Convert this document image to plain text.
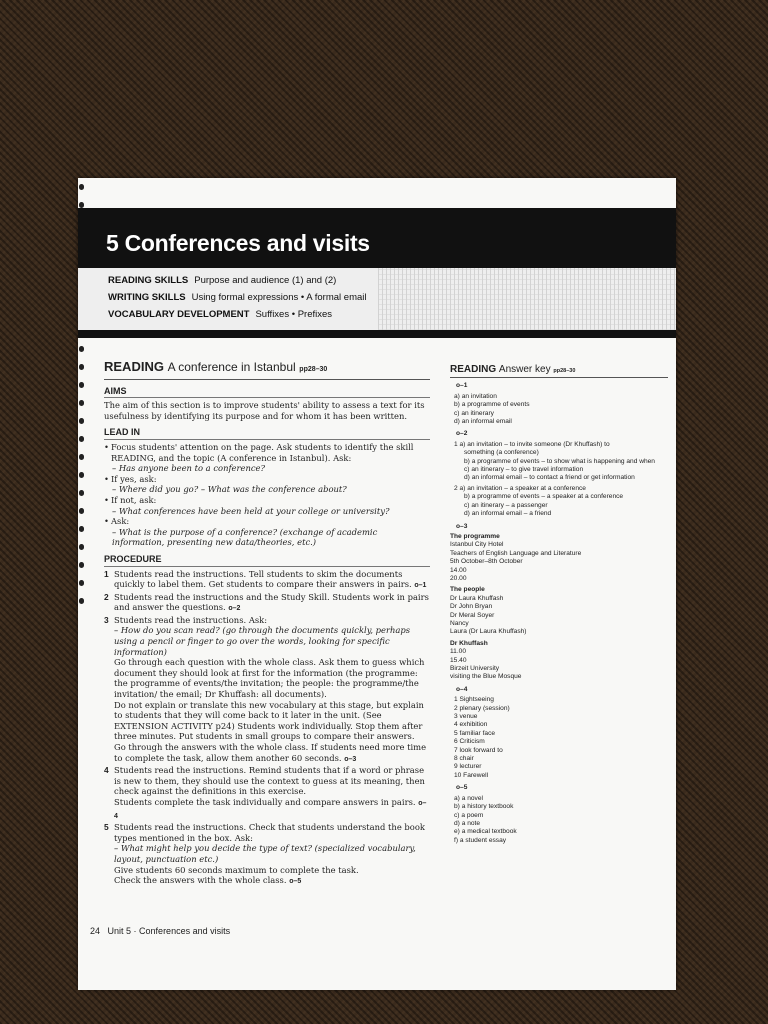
5 Conferences and visits
READING SKILLS Purpose and audience (1) and (2)
WRITING SKILLS Using formal expressions • A formal email
VOCABULARY DEVELOPMENT Suffixes • Prefixes
READING A conference in Istanbul pp28–30
AIMS

The aim of this section is to improve students' ability to assess a text for its usefulness by identifying its purpose and for whom it has been written.

LEAD IN

• Focus students' attention on the page. Ask students to identify the skill READING, and the topic (A conference in Istanbul). Ask:

– Has anyone been to a conference?

• If yes, ask:

– Where did you go? – What was the conference about?

• If not, ask:

– What conferences have been held at your college or university?

• Ask:

– What is the purpose of a conference? (exchange of academic information, presenting new data/theories, etc.)

PROCEDURE

1 Students read the instructions. Tell students to skim the documents quickly to label them. Get students to compare their answers in pairs. o–1

2 Students read the instructions and the Study Skill. Students work in pairs and answer the questions. o–2

3 Students read the instructions. Ask:

– How do you scan read? (go through the documents quickly, perhaps using a pencil or finger to go over the words, looking for specific information)

Go through each question with the whole class. Ask them to guess which document they should look at first for the information (the programme: the programme of events/the invitation; the people: the programme/the invitation/ the email; Dr Khuffash: all documents).

Do not explain or translate this new vocabulary at this stage, but explain to students that they will come back to it later in the unit. (See EXTENSION ACTIVITY p24) Students work individually. Stop them after three minutes. Put students in small groups to compare their answers.

Go through the answers with the whole class. If students need more time to complete the task, allow them another 60 seconds. o–3

4 Students read the instructions. Remind students that if a word or phrase is new to them, they should use the context to guess at its meaning, then check against the definitions in this exercise.

Students complete the task individually and compare answers in pairs. o–4

5 Students read the instructions. Check that students understand the book types mentioned in the box. Ask:

– What might help you decide the type of text? (specialized vocabulary, layout, punctuation etc.)

Give students 60 seconds maximum to complete the task.

Check the answers with the whole class. o–5

READING Answer key pp28–30
o–1
a) an invitation
b) a programme of events
c) an itinerary
d) an informal email
o–2
1 a) an invitation – to invite someone (Dr Khuffash) to
something (a conference)
b) a programme of events – to show what is happening and when
c) an itinerary – to give travel information
d) an informal email – to contact a friend or get information
2 a) an invitation – a speaker at a conference
b) a programme of events – a speaker at a conference
c) an itinerary – a passenger
d) an informal email – a friend
o–3
The programme
Istanbul City Hotel
Teachers of English Language and Literature
5th October–8th October
14.00
20.00
The people
Dr Laura Khuffash
Dr John Bryan
Dr Meral Soyer
Nancy
Laura (Dr Laura Khuffash)
Dr Khuffash
11.00
15.40
Birzeit University
visiting the Blue Mosque
o–4
1 Sightseeing
2 plenary (session)
3 venue
4 exhibition
5 familiar face
6 Criticism
7 look forward to
8 chair
9 lecturer
10 Farewell
o–5
a) a novel
b) a history textbook
c) a poem
d) a note
e) a medical textbook
f) a student essay
24 Unit 5 · Conferences and visits
